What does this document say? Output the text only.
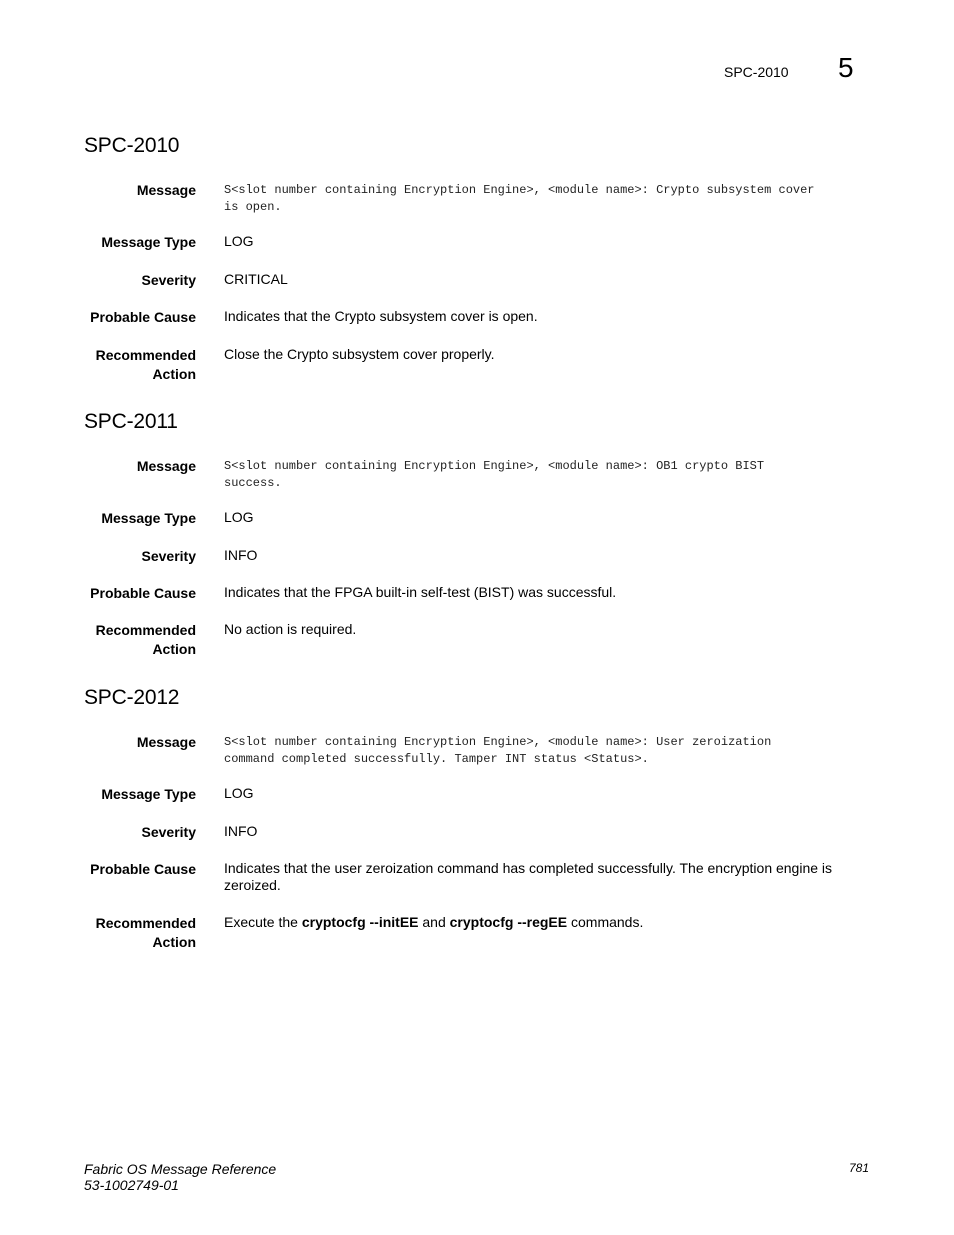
SPC-2010 5
SPC-2010
Message S<slot number containing Encryption Engine>, <module name>: Crypto subsystem cover
is open.
Message Type LOG
Severity CRITICAL
Probable Cause Indicates that the Crypto subsystem cover is open.
Recommended
Action
Close the Crypto subsystem cover properly.
SPC-2011
Message S<slot number containing Encryption Engine>, <module name>: OB1 crypto BIST
success.
Message Type LOG
Severity INFO
Probable Cause Indicates that the FPGA built-in self-test (BIST) was successful.
Recommended
Action
No action is required.
SPC-2012
Message S<slot number containing Encryption Engine>, <module name>: User zeroization
command completed successfully. Tamper INT status <Status>.
Message Type LOG
Severity INFO
Probable Cause Indicates that the user zeroization command has completed successfully. The encryption engine is
zeroized.
Recommended
Action
Execute the cryptocfg --initEE and cryptocfg --regEE commands.
Fabric OS Message Reference
53-1002749-01
781
